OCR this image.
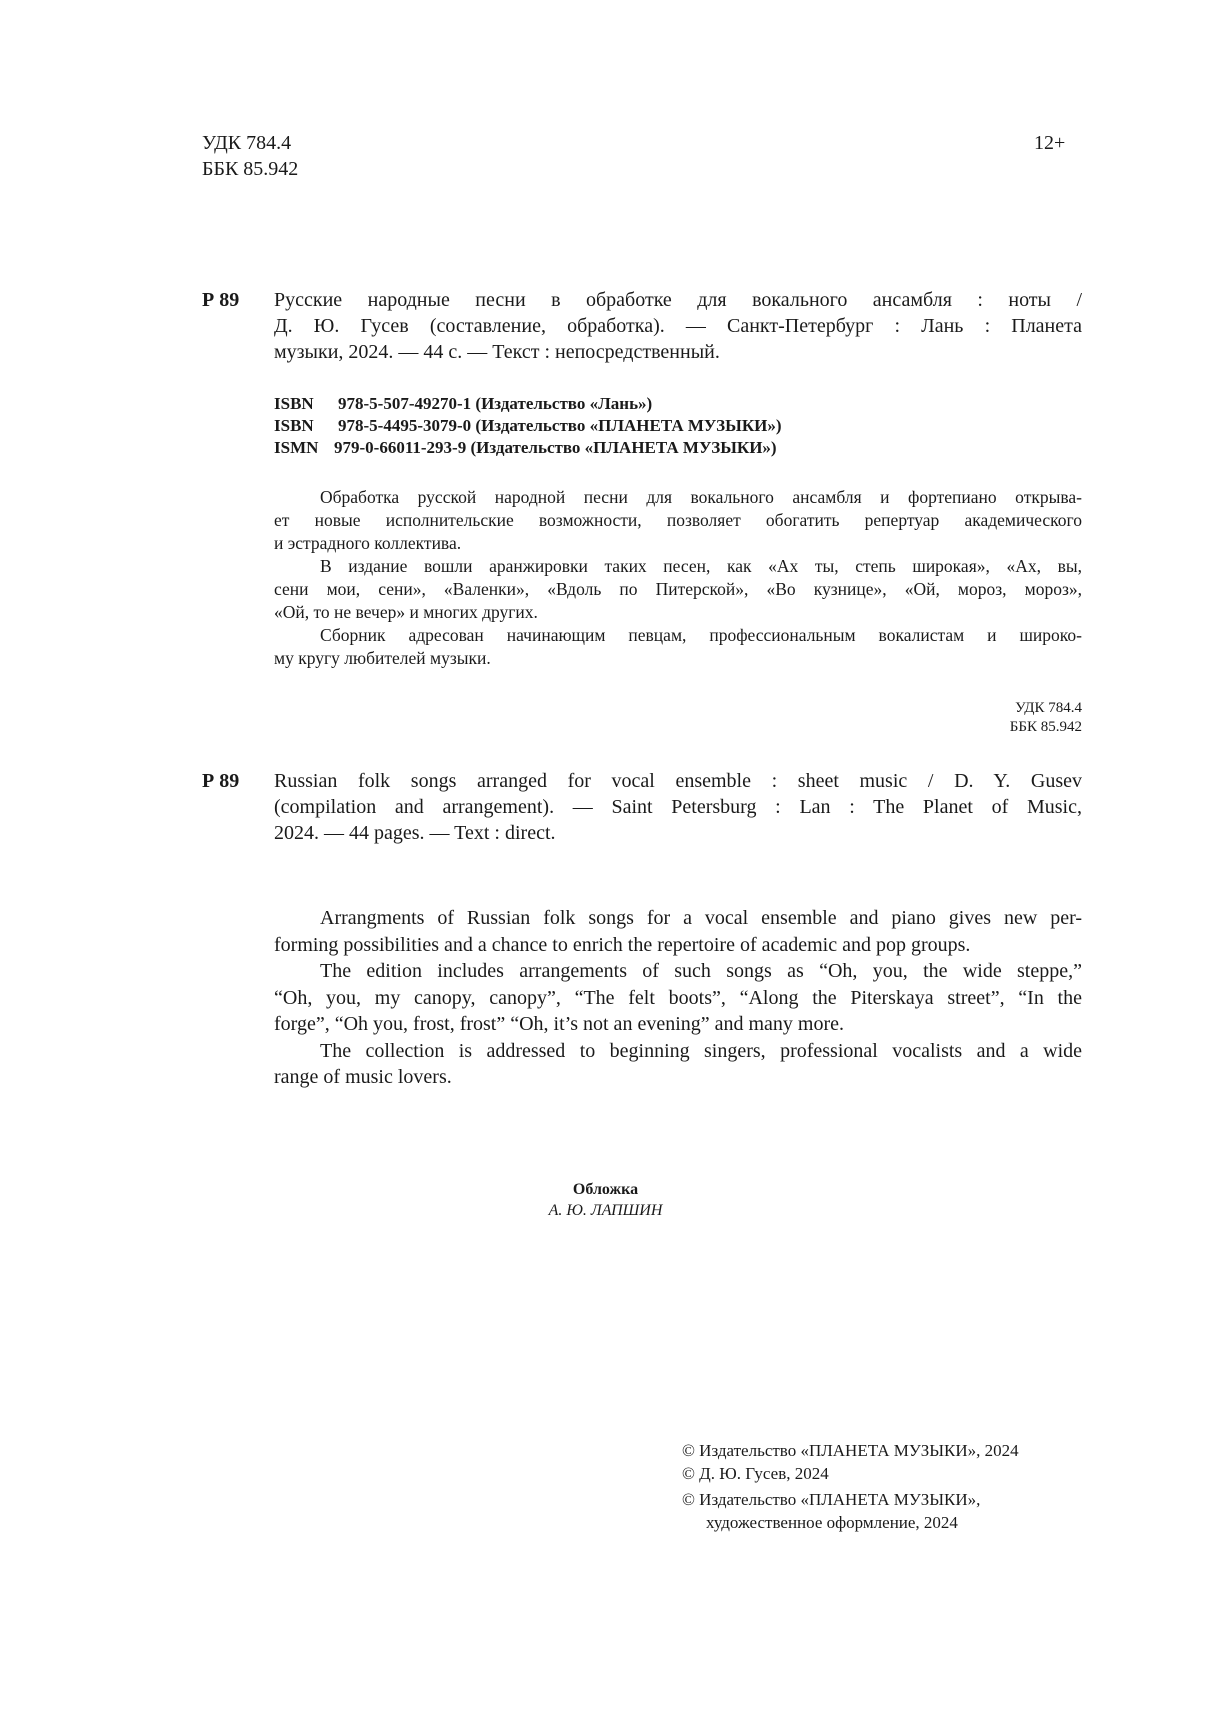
УДК 784.4
ББК 85.942
12+
Р 89 Русские народные песни в обработке для вокального ансамбля : ноты /
Д. Ю. Гусев (составление, обработка). — Санкт-Петербург : Лань : Планета
музыки, 2024. — 44 с. — Текст : непосредственный.
ISBN 978-5-507-49270-1 (Издательство «Лань»)
ISBN 978-5-4495-3079-0 (Издательство «ПЛАНЕТА МУЗЫКИ»)
ISMN 979-0-66011-293-9 (Издательство «ПЛАНЕТА МУЗЫКИ»)
Обработка русской народной песни для вокального ансамбля и фортепиано открыва-
ет новые исполнительские возможности, позволяет обогатить репертуар академического
и эстрадного коллектива.
В издание вошли аранжировки таких песен, как «Ах ты, степь широкая», «Ах, вы,
сени мои, сени», «Валенки», «Вдоль по Питерской», «Во кузнице», «Ой, мороз, мороз»,
«Ой, то не вечер» и многих других.
Сборник адресован начинающим певцам, профессиональным вокалистам и широко-
му кругу любителей музыки.
УДК 784.4
ББК 85.942
Р 89 Russian folk songs arranged for vocal ensemble : sheet music / D. Y. Gusev
(compilation and arrangement). — Saint Petersburg : Lan : The Planet of Music,
2024. — 44 pages. — Text : direct.
Arrangments of Russian folk songs for a vocal ensemble and piano gives new per-
forming possibilities and a chance to enrich the repertoire of academic and pop groups.
The edition includes arrangements of such songs as “Oh, you, the wide steppe,”
“Oh, you, my canopy, canopy”, “The felt boots”, “Along the Piterskaya street”, “In the
forge”, “Oh you, frost, frost” “Oh, it’s not an evening” and many more.
The collection is addressed to beginning singers, professional vocalists and a wide
range of music lovers.
Обложка
А. Ю. ЛАПШИН
© Издательство «ПЛАНЕТА МУЗЫКИ», 2024
© Д. Ю. Гусев, 2024
© Издательство «ПЛАНЕТА МУЗЫКИ»,
художественное оформление, 2024
